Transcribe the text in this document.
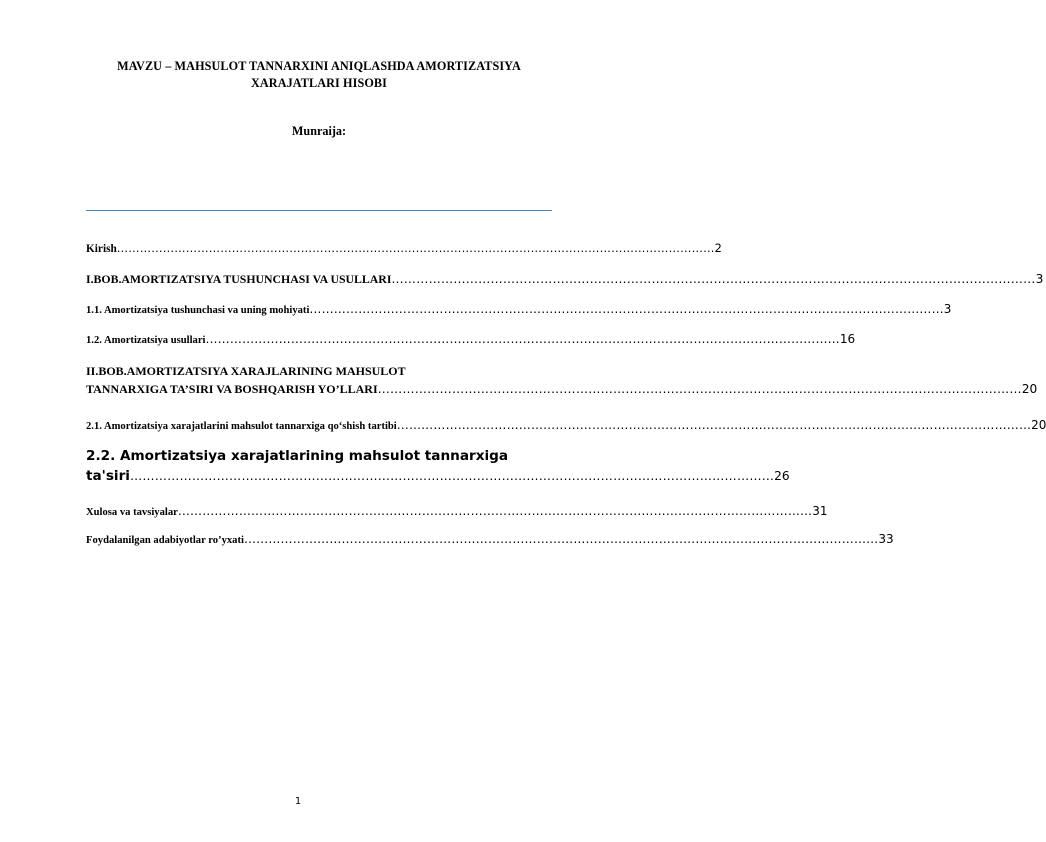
MAVZU – MAHSULOT TANNARXINI ANIQLASHDA AMORTIZATSIYA XARAJATLARI HISOBI
Munraija:
Kirish ………………………………………………………………………………………………………………………………………… 2
I.BOB.AMORTIZATSIYA TUSHUNCHASI VA USULLARI ………………………………………………………………………………………………………………………………………… 3
1.1. Amortizatsiya tushunchasi va uning mohiyati ………………………………………………………………………………………………………………………………………… 3
1.2. Amortizatsiya usullari ………………………………………………………………………………………………………………………………………… 16
II.BOB.AMORTIZATSIYA XARAJLARINING MAHSULOT
TANNARXIGA TA’SIRI VA BOSHQARISH YO’LLARI ………………………………………………………………………………………………………………………………………… 20
2.1. Amortizatsiya xarajatlarini mahsulot tannarxiga qo‘shish tartibi ………………………………………………………………………………………………………………………………………… 20
2.2. Amortizatsiya xarajatlarining mahsulot tannarxiga
ta'siri ………………………………………………………………………………………………………………………………………… 26
Xulosa va tavsiyalar ………………………………………………………………………………………………………………………………………… 31
Foydalanilgan adabiyotlar ro’yxati ………………………………………………………………………………………………………………………………………… 33
1
